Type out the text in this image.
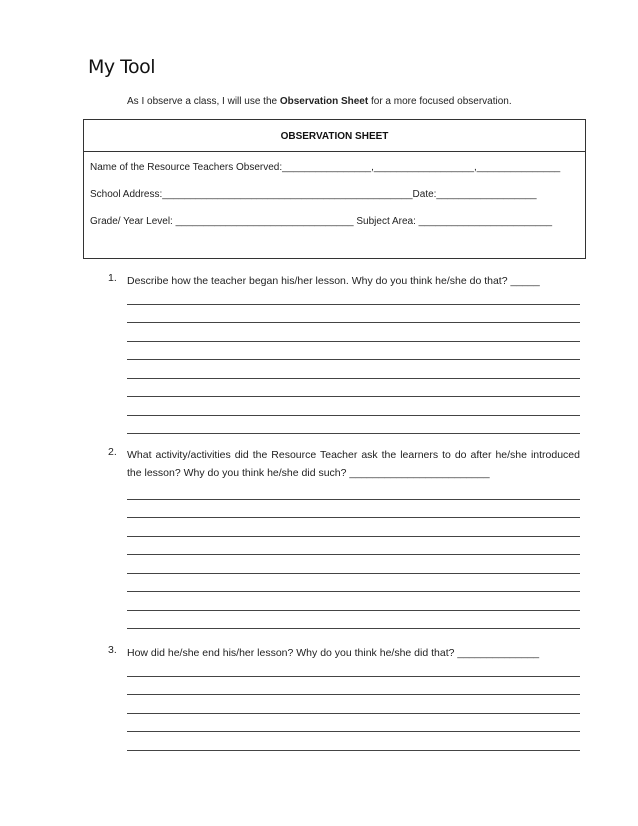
My Tool
As I observe a class, I will use the Observation Sheet for a more focused observation.
OBSERVATION SHEET
Name of the Resource Teachers Observed:________________,__________________,_______________
School Address:_____________________________________________Date:__________________
Grade/ Year Level: ________________________________ Subject Area: ________________________
1. Describe how the teacher began his/her lesson. Why do you think he/she do that? _____
2. What activity/activities did the Resource Teacher ask the learners to do after he/she introduced the lesson? Why do you think he/she did such? ________________________
3. How did he/she end his/her lesson? Why do you think he/she did that? ______________
